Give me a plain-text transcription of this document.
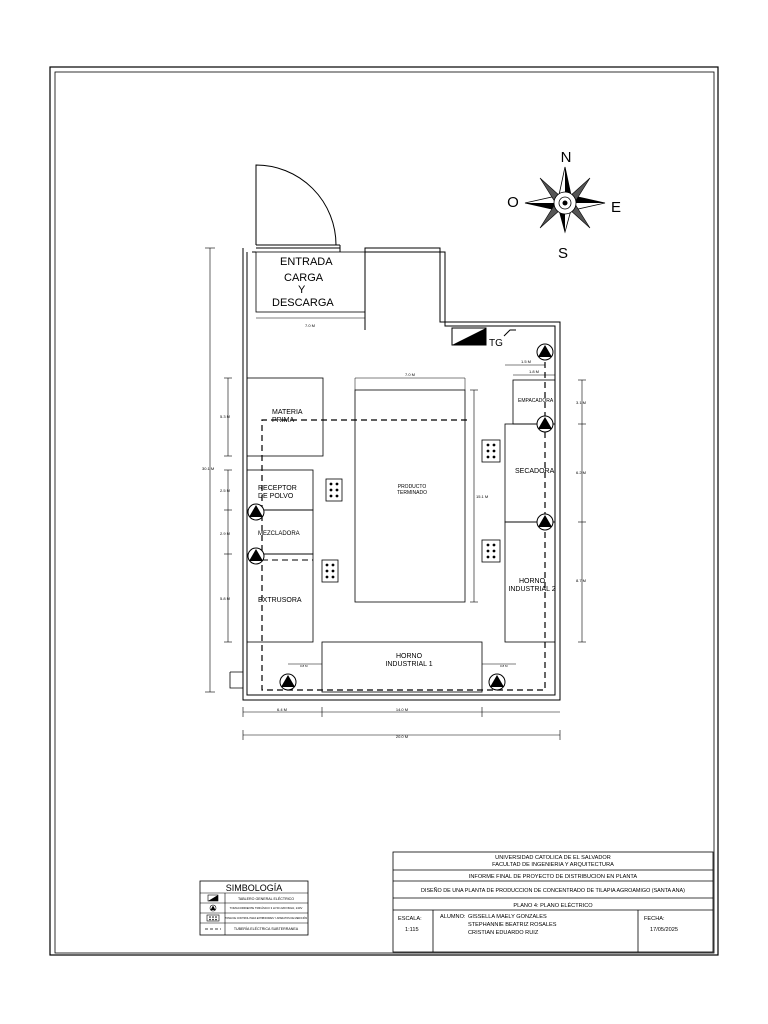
N
S
E
O
ENTRADA
CARGA
Y
DESCARGA
TG
MATERIA
PRIMA
RECEPTOR
DE POLVO
MEZCLADORA
EXTRUSORA
PRODUCTO
TERMINADO
EMPACADORA
SECADORA
HORNO
INDUSTRIAL 2
HORNO
INDUSTRIAL 1
7.0 M
7.0 M
15.1 M
30.1 M
5.3 M
2.5 M
2.9 M
5.8 M
1.5 M
1.8 M
3.1 M
6.2 M
8.7 M
6.4 M	14.0 M
20.0 M
0.8 M	0.8 M
SIMBOLOGÍA
TABLERO GENERAL ELÉCTRICO
TOMACORRIENTE TRIFÁSICO 3 HI 50 220V/60Hz, 240V
TOMA DE CONTROL PARA EXHIBIDORES Y APARATOS DE MEDICIÓN
TUBERÍA ELÉCTRICA SUBTERRANEA
UNIVERSIDAD CATOLICA DE EL SALVADOR
FACULTAD DE INGENIERIA Y ARQUITECTURA
INFORME FINAL DE PROYECTO DE DISTRIBUCION EN PLANTA
DISEÑO DE UNA PLANTA DE PRODUCCION DE CONCENTRADO DE TILAPIA AGROAMIGO (SANTA ANA)
PLANO 4: PLANO ELÉCTRICO
ESCALA:
1:115
ALUMNO: GISSELLA MAELY GONZALES
STEPHANNIE BEATRIZ ROSALES
CRISTIAN EDUARDO RUIZ
FECHA:
17/05/2025
